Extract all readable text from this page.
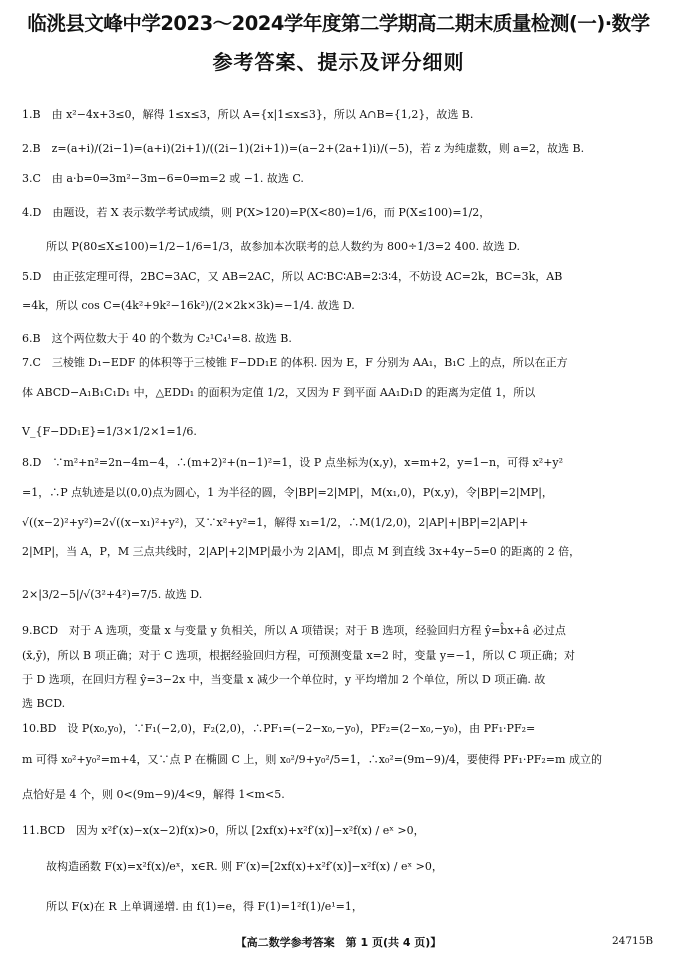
临洮县文峰中学2023～2024学年度第二学期高二期末质量检测(一)·数学
参考答案、提示及评分细则
1.B　由 x²−4x+3≤0，解得 1≤x≤3，所以 A={x|1≤x≤3}，所以 A∩B={1,2}，故选 B.
2.B　z=(a+i)/(2i−1)=(a+i)(2i+1)/((2i−1)(2i+1))=(a−2+(2a+1)i)/(−5)，若 z 为纯虚数，则 a=2，故选 B.
3.C　由 a·b=0⇒3m²−3m−6=0⇒m=2 或 −1. 故选 C.
4.D　由题设，若 X 表示数学考试成绩，则 P(X>120)=P(X<80)=1/6，而 P(X≤100)=1/2，
所以 P(80≤X≤100)=1/2−1/6=1/3，故参加本次联考的总人数约为 800÷1/3=2 400. 故选 D.
5.D　由正弦定理可得，2BC=3AC，又 AB=2AC，所以 AC∶BC∶AB=2∶3∶4，不妨设 AC=2k，BC=3k，AB
=4k，所以 cos C=(4k²+9k²−16k²)/(2×2k×3k)=−1/4. 故选 D.
6.B　这个两位数大于 40 的个数为 C₂¹C₄¹=8. 故选 B.
7.C　三棱锥 D₁−EDF 的体积等于三棱锥 F−DD₁E 的体积. 因为 E，F 分别为 AA₁，B₁C 上的点，所以在正方
体 ABCD−A₁B₁C₁D₁ 中，△EDD₁ 的面积为定值 1/2，又因为 F 到平面 AA₁D₁D 的距离为定值 1，所以
V_{F−DD₁E}=1/3×1/2×1=1/6.
8.D　∵m²+n²=2n−4m−4，∴(m+2)²+(n−1)²=1，设 P 点坐标为(x,y)，x=m+2，y=1−n，可得 x²+y²
=1，∴P 点轨迹是以(0,0)点为圆心，1 为半径的圆，令|BP|=2|MP|，M(x₁,0)，P(x,y)，令|BP|=2|MP|，
√((x−2)²+y²)=2√((x−x₁)²+y²)，又∵x²+y²=1，解得 x₁=1/2，∴M(1/2,0)，2|AP|+|BP|=2|AP|+
2|MP|，当 A，P，M 三点共线时，2|AP|+2|MP|最小为 2|AM|，即点 M 到直线 3x+4y−5=0 的距离的 2 倍，
2×|3/2−5|/√(3²+4²)=7/5. 故选 D.
9.BCD　对于 A 选项，变量 x 与变量 y 负相关，所以 A 项错误；对于 B 选项，经验回归方程 ŷ=b̂x+â 必过点
(x̄,ȳ)，所以 B 项正确；对于 C 选项，根据经验回归方程，可预测变量 x=2 时，变量 y=−1，所以 C 项正确；对
于 D 选项，在回归方程 ŷ=3−2x 中，当变量 x 减少一个单位时，y 平均增加 2 个单位，所以 D 项正确. 故
选 BCD.
10.BD　设 P(x₀,y₀)，∵F₁(−2,0)，F₂(2,0)，∴PF₁=(−2−x₀,−y₀)，PF₂=(2−x₀,−y₀)，由 PF₁·PF₂=
m 可得 x₀²+y₀²=m+4，又∵点 P 在椭圆 C 上，则 x₀²/9+y₀²/5=1，∴x₀²=(9m−9)/4，要使得 PF₁·PF₂=m 成立的
点恰好是 4 个，则 0<(9m−9)/4<9，解得 1<m<5.
11.BCD　因为 x²f′(x)−x(x−2)f(x)>0，所以 [2xf(x)+x²f′(x)]−x²f(x) / eˣ >0，
故构造函数 F(x)=x²f(x)/eˣ，x∈R. 则 F′(x)=[2xf(x)+x²f′(x)]−x²f(x) / eˣ >0，
所以 F(x)在 R 上单调递增. 由 f(1)=e，得 F(1)=1²f(1)/e¹=1，
【高二数学参考答案　第 1 页(共 4 页)】	24715B
